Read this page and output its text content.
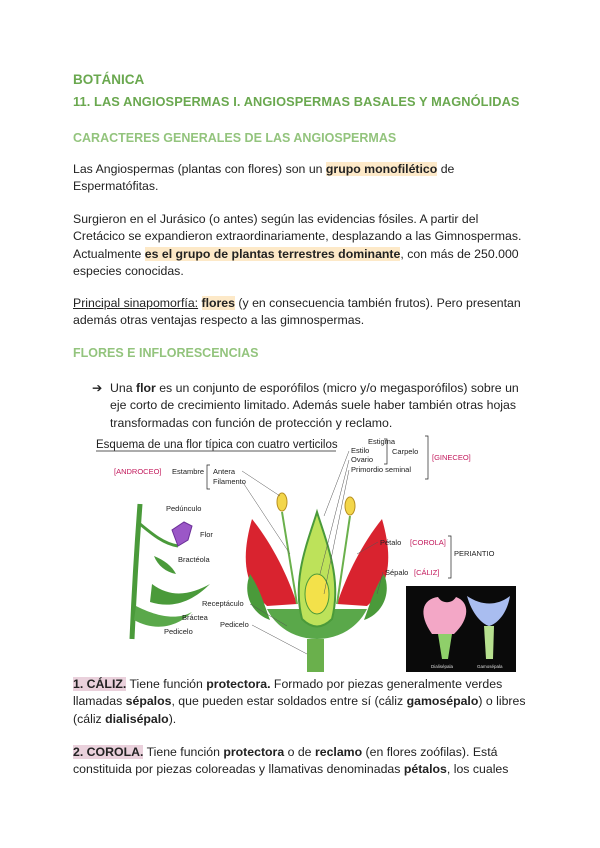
BOTÁNICA
11. LAS ANGIOSPERMAS I. ANGIOSPERMAS BASALES Y MAGNÓLIDAS
CARACTERES GENERALES DE LAS ANGIOSPERMAS
Las Angiospermas (plantas con flores) son un grupo monofilético de Espermatófitas.
Surgieron en el Jurásico (o antes) según las evidencias fósiles. A partir del Cretácico se expandieron extraordinariamente, desplazando a las Gimnospermas. Actualmente es el grupo de plantas terrestres dominante, con más de 250.000 especies conocidas.
Principal sinapomorfía: flores (y en consecuencia también frutos). Pero presentan además otras ventajas respecto a las gimnospermas.
FLORES E INFLORESCENCIAS
➔ Una flor es un conjunto de esporófilos (micro y/o megasporófilos) sobre un eje corto de crecimiento limitado. Además suele haber también otras hojas transformadas con función de protección y reclamo.
Esquema de una flor típica con cuatro verticilos	Estigma
Estilo
Ovario
Carpelo
Primordio seminal
[GINECEO]
[ANDROCEO] Estambre Antera
Filamento
Pedúnculo
Flor
Bractéola
Bráctea
Pedicelo
Pétalo [COROLA]
PERIANTIO
Sépalo [CÁLIZ]
Receptáculo
Pedicelo
Dialisépala	Gamosépala
1. CÁLIZ. Tiene función protectora. Formado por piezas generalmente verdes llamadas sépalos, que pueden estar soldados entre sí (cáliz gamosépalo) o libres (cáliz dialisépalo).
2. COROLA. Tiene función protectora o de reclamo (en flores zoófilas). Está constituida por piezas coloreadas y llamativas denominadas pétalos, los cuales
